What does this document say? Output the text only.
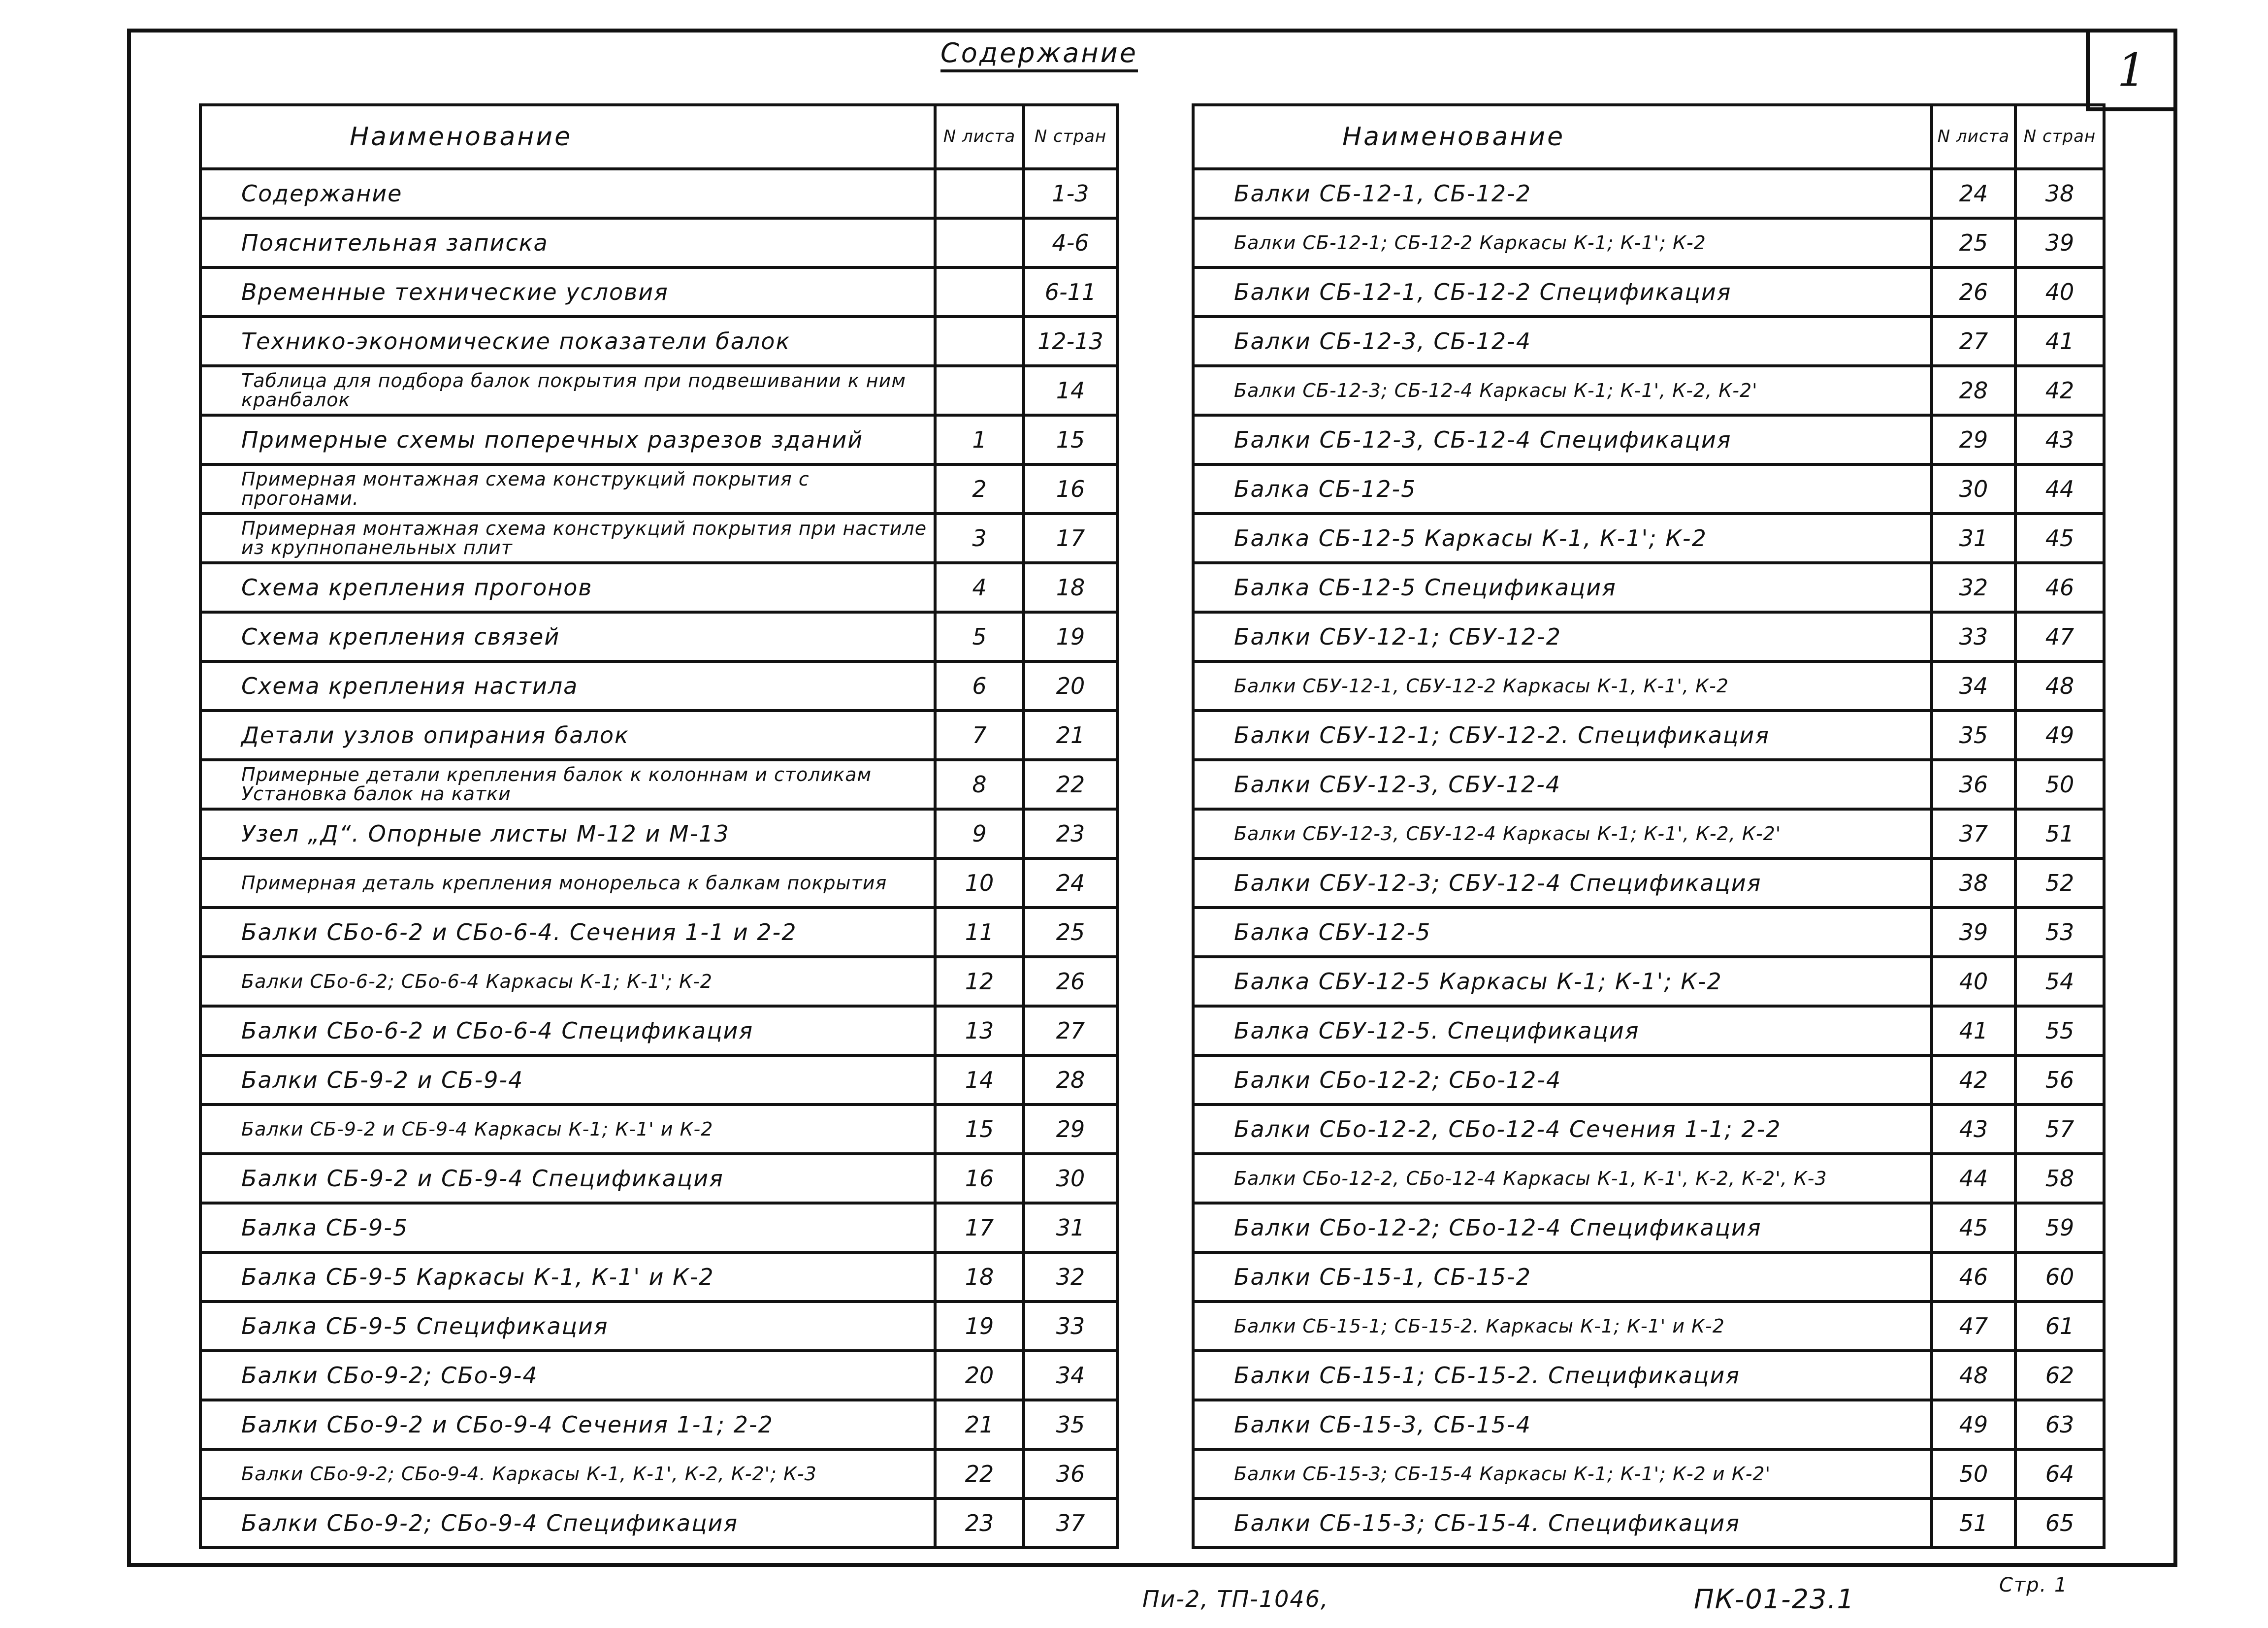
1
Содержание
Наименование	N листа	N стран
Содержание		1-3
Пояснительная записка		4-6
Временные технические условия		6-11
Технико-экономические показатели балок		12-13
Таблица для подбора балок покрытия при подвешивании к ним кранбалок		14
Примерные схемы поперечных разрезов зданий	1	15
Примерная монтажная схема конструкций покрытия с прогонами.	2	16
Примерная монтажная схема конструкций покрытия при настиле из крупнопанельных плит	3	17
Схема крепления прогонов	4	18
Схема крепления связей	5	19
Схема крепления настила	6	20
Детали узлов опирания балок	7	21
Примерные детали крепления балок к колоннам и столикам Установка балок на катки	8	22
Узел „Д“. Опорные листы М-12 и М-13	9	23
Примерная деталь крепления монорельса к балкам покрытия	10	24
Балки СБо-6-2 и СБо-6-4. Сечения 1-1 и 2-2	11	25
Балки СБо-6-2; СБо-6-4 Каркасы К-1; К-1'; К-2	12	26
Балки СБо-6-2 и СБо-6-4 Спецификация	13	27
Балки СБ-9-2 и СБ-9-4	14	28
Балки СБ-9-2 и СБ-9-4 Каркасы К-1; К-1' и К-2	15	29
Балки СБ-9-2 и СБ-9-4 Спецификация	16	30
Балка СБ-9-5	17	31
Балка СБ-9-5 Каркасы К-1, К-1' и К-2	18	32
Балка СБ-9-5 Спецификация	19	33
Балки СБо-9-2; СБо-9-4	20	34
Балки СБо-9-2 и СБо-9-4 Сечения 1-1; 2-2	21	35
Балки СБо-9-2; СБо-9-4. Каркасы К-1, К-1', К-2, К-2'; К-3	22	36
Балки СБо-9-2; СБо-9-4 Спецификация	23	37
Наименование	N листа	N стран
Балки СБ-12-1, СБ-12-2	24	38
Балки СБ-12-1; СБ-12-2 Каркасы К-1; К-1'; К-2	25	39
Балки СБ-12-1, СБ-12-2 Спецификация	26	40
Балки СБ-12-3, СБ-12-4	27	41
Балки СБ-12-3; СБ-12-4 Каркасы К-1; К-1', К-2, К-2'	28	42
Балки СБ-12-3, СБ-12-4 Спецификация	29	43
Балка СБ-12-5	30	44
Балка СБ-12-5 Каркасы К-1, К-1'; К-2	31	45
Балка СБ-12-5 Спецификация	32	46
Балки СБУ-12-1; СБУ-12-2	33	47
Балки СБУ-12-1, СБУ-12-2 Каркасы К-1, К-1', К-2	34	48
Балки СБУ-12-1; СБУ-12-2. Спецификация	35	49
Балки СБУ-12-3, СБУ-12-4	36	50
Балки СБУ-12-3, СБУ-12-4 Каркасы К-1; К-1', К-2, К-2'	37	51
Балки СБУ-12-3; СБУ-12-4 Спецификация	38	52
Балка СБУ-12-5	39	53
Балка СБУ-12-5 Каркасы К-1; К-1'; К-2	40	54
Балка СБУ-12-5. Спецификация	41	55
Балки СБо-12-2; СБо-12-4	42	56
Балки СБо-12-2, СБо-12-4 Сечения 1-1; 2-2	43	57
Балки СБо-12-2, СБо-12-4 Каркасы К-1, К-1', К-2, К-2', К-3	44	58
Балки СБо-12-2; СБо-12-4 Спецификация	45	59
Балки СБ-15-1, СБ-15-2	46	60
Балки СБ-15-1; СБ-15-2. Каркасы К-1; К-1' и К-2	47	61
Балки СБ-15-1; СБ-15-2. Спецификация	48	62
Балки СБ-15-3, СБ-15-4	49	63
Балки СБ-15-3; СБ-15-4 Каркасы К-1; К-1'; К-2 и К-2'	50	64
Балки СБ-15-3; СБ-15-4. Спецификация	51	65
Пи-2, ТП-1046,	ПК-01-23.1	Стр. 1
